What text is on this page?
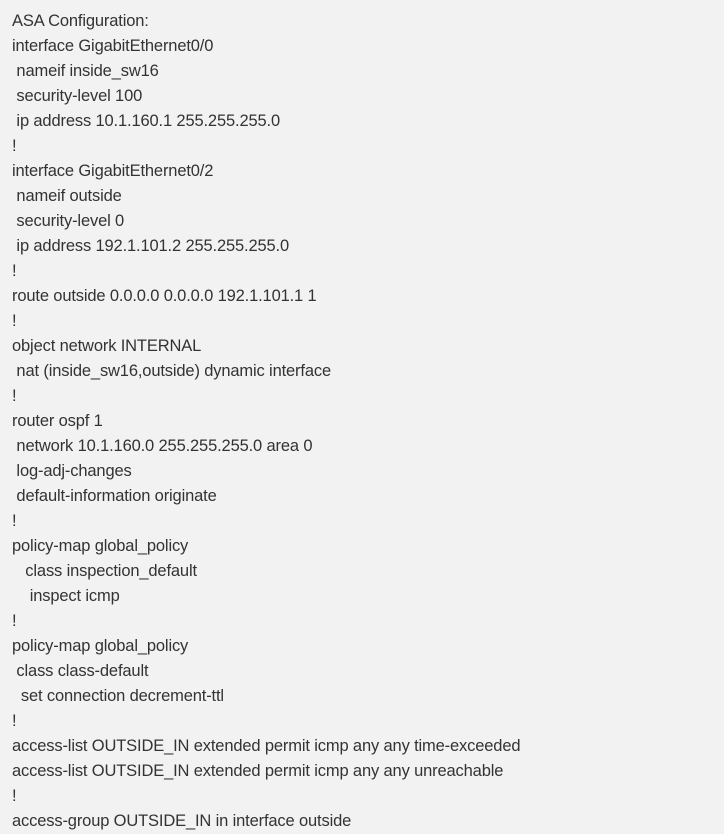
ASA Configuration:
interface GigabitEthernet0/0
nameif inside_sw16
security-level 100
ip address 10.1.160.1 255.255.255.0
!
interface GigabitEthernet0/2
nameif outside
security-level 0
ip address 192.1.101.2 255.255.255.0
!
route outside 0.0.0.0 0.0.0.0 192.1.101.1 1
!
object network INTERNAL
nat (inside_sw16,outside) dynamic interface
!
router ospf 1
network 10.1.160.0 255.255.255.0 area 0
log-adj-changes
default-information originate
!
policy-map global_policy
class inspection_default
inspect icmp
!
policy-map global_policy
class class-default
set connection decrement-ttl
!
access-list OUTSIDE_IN extended permit icmp any any time-exceeded
access-list OUTSIDE_IN extended permit icmp any any unreachable
!
access-group OUTSIDE_IN in interface outside
